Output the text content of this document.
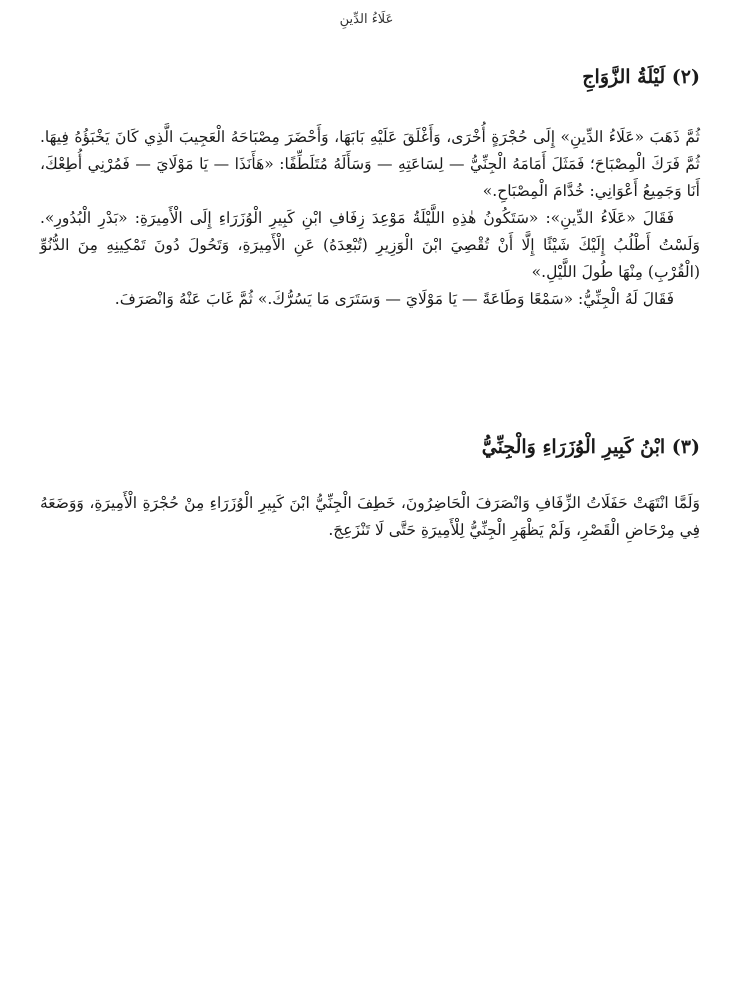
عَلَاءُ الدِّينِ
(٢) لَيْلَةُ الزَّوَاجِ

ثُمَّ ذَهَبَ «عَلَاءُ الدِّينِ» إِلَى حُجْرَةٍ أُخْرَى، وَأَغْلَقَ عَلَيْهِ بَابَهَا، وَأَحْضَرَ مِصْبَاحَهُ الْعَجِيبَ الَّذِي كَانَ يَخْبَؤُهُ فِيهَا. ثُمَّ فَرَكَ الْمِصْبَاحَ؛ فَمَثَلَ أَمَامَهُ الْجِنِّيُّ — لِسَاعَتِهِ — وَسَأَلَهُ مُتَلَطِّفًا: «هَأَنَذَا — يَا مَوْلَايَ — فَمُرْنِي أُطِعْكَ، أَنَا وَجَمِيعُ أَعْوَانِي: خُدَّامَ الْمِصْبَاحِ.»

فَقَالَ «عَلَاءُ الدِّينِ»: «سَتَكُونُ هٰذِهِ اللَّيْلَةُ مَوْعِدَ زِفَافِ ابْنِ كَبِيرِ الْوُزَرَاءِ إِلَى الْأَمِيرَةِ: «بَدْرِ الْبُدُورِ». وَلَسْتُ أَطْلُبُ إِلَيْكَ شَيْئًا إِلَّا أَنْ تُقْصِيَ ابْنَ الْوَزِيرِ (تُبْعِدَهُ) عَنِ الْأَمِيرَةِ، وَتَحُولَ دُونَ تَمْكِينِهِ مِنَ الدُّنُوِّ (الْقُرْبِ) مِنْهَا طُولَ اللَّيْلِ.»

فَقَالَ لَهُ الْجِنِّيُّ: «سَمْعًا وَطَاعَةً — يَا مَوْلَايَ — وَسَتَرَى مَا يَسُرُّكَ.» ثُمَّ غَابَ عَنْهُ وَانْصَرَفَ.

(٣) ابْنُ كَبِيرِ الْوُزَرَاءِ وَالْجِنِّيُّ

وَلَمَّا انْتَهَتْ حَفَلَاتُ الزِّفَافِ وَانْصَرَفَ الْحَاضِرُونَ، خَطِفَ الْجِنِّيُّ ابْنَ كَبِيرِ الْوُزَرَاءِ مِنْ حُجْرَةِ الْأَمِيرَةِ، وَوَضَعَهُ فِي مِرْحَاضِ الْقَصْرِ، وَلَمْ يَظْهَرِ الْجِنِّيُّ لِلْأَمِيرَةِ حَتَّى لَا تَنْزَعِجَ.
